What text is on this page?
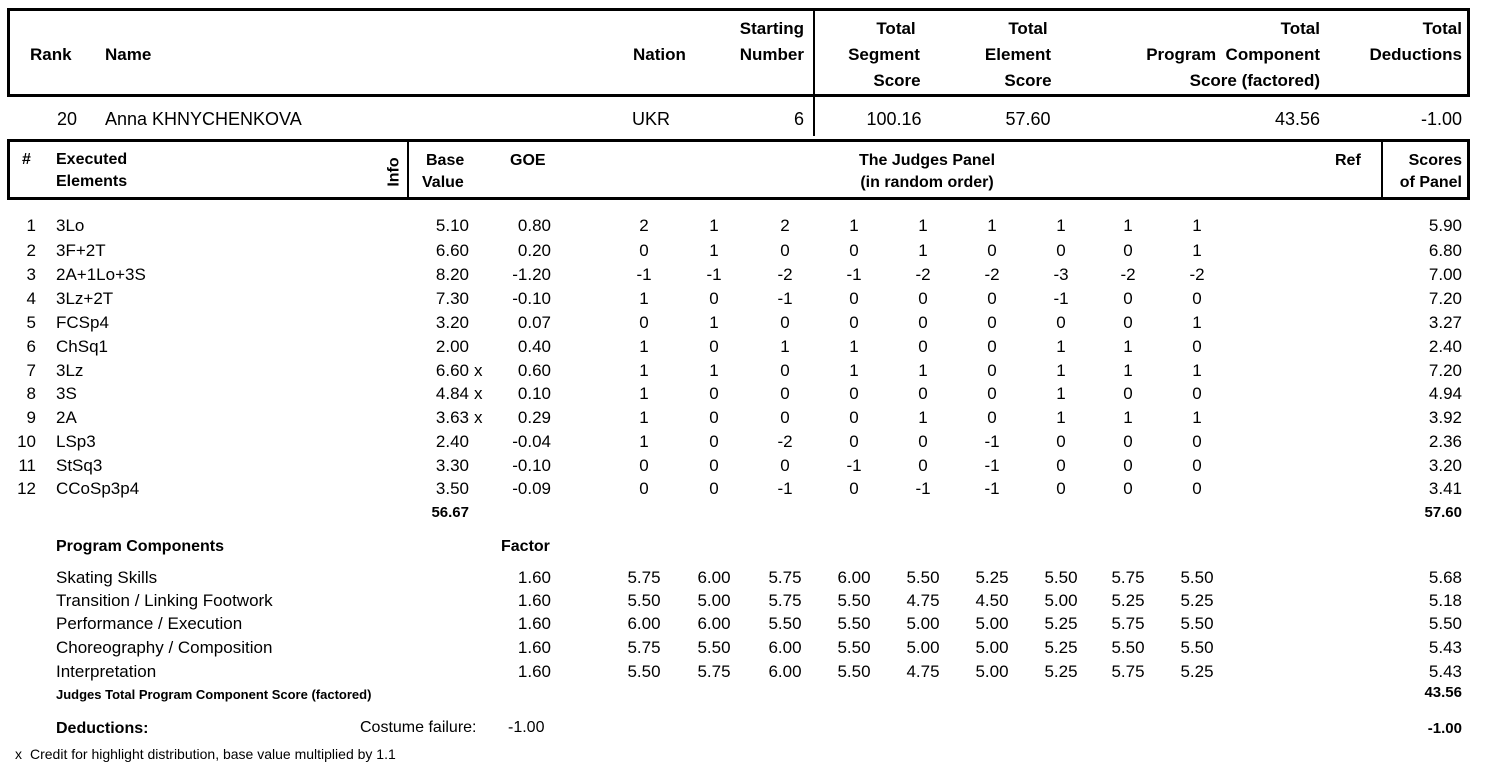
Rank Name	Nation
Starting
Number
Total
Segment
Score
Total
Element
Score
Total
Program  Component
Score (factored)
Total
Deductions
20 Anna KHNYCHENKOVA	UKR	6	100.16	57.60	43.56	-1.00
# Executed
Elements	Info Base
Value
GOE	The Judges Panel
(in random order)
Ref	Scores
of Panel
1 3Lo	5.10	0.80	2	1	2	1	1	1	1	1	1	5.90
2 3F+2T	6.60	0.20	0	1	0	0	1	0	0	0	1	6.80
3 2A+1Lo+3S	8.20	-1.20	-1	-1	-2	-1	-2	-2	-3	-2	-2	7.00
4 3Lz+2T	7.30	-0.10	1	0	-1	0	0	0	-1	0	0	7.20
5 FCSp4	3.20	0.07	0	1	0	0	0	0	0	0	1	3.27
6 ChSq1	2.00	0.40	1	0	1	1	0	0	1	1	0	2.40
7 3Lz	6.60 x 0.60	1	1	0	1	1	0	1	1	1	7.20
8 3S	4.84 x 0.10	1	0	0	0	0	0	1	0	0	4.94
9 2A	3.63 x 0.29	1	0	0	0	1	0	1	1	1	3.92
10 LSp3	2.40	-0.04	1	0	-2	0	0	-1	0	0	0	2.36
11 StSq3	3.30	-0.10	0	0	0	-1	0	-1	0	0	0	3.20
12 CCoSp3p4	3.50	-0.09	0	0	-1	0	-1	-1	0	0	0	3.41
56.67	57.60
Program Components	Factor
Skating Skills	1.60	5.75	6.00	5.75	6.00	5.50	5.25	5.50	5.75	5.50	5.68
Transition / Linking Footwork	1.60	5.50	5.00	5.75	5.50	4.75	4.50	5.00	5.25	5.25	5.18
Performance / Execution	1.60	6.00	6.00	5.50	5.50	5.00	5.00	5.25	5.75	5.50	5.50
Choreography / Composition	1.60	5.75	5.50	6.00	5.50	5.00	5.00	5.25	5.50	5.50	5.43
Interpretation	1.60	5.50	5.75	6.00	5.50	4.75	5.00	5.25	5.75	5.25	5.43
Judges Total Program Component Score (factored)	43.56
Deductions:	Costume failure: -1.00	-1.00
x Credit for highlight distribution, base value multiplied by 1.1
